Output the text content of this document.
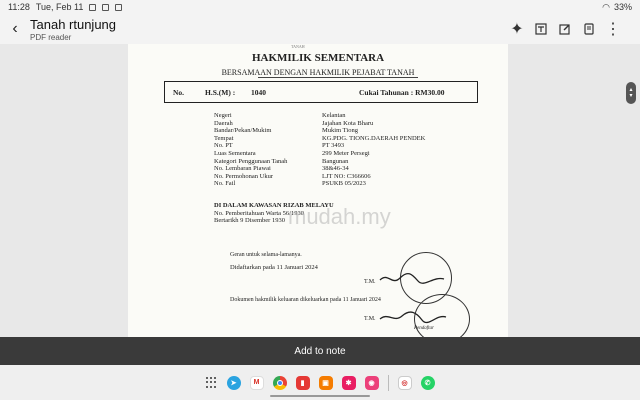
11:28 Tue, Feb 11	◠ 33%
‹ Tanah rtunjung
PDF reader	✦	⋮
TANAH
HAKMILIK SEMENTARA
BERSAMAAN DENGAN HAKMILIK PEJABAT TANAH
No.	H.S.(M) : 1040	Cukai Tahunan : RM30.00
Negeri	Kelantan
Daerah	Jajahan Kota Bharu
Bandar/Pekan/Mukim	Mukim Tiong
Tempat	KG.PDG. TIONG.DAERAH PENDEK
No. PT	PT 3493
Luas Sementara	299 Meter Persegi
Kategori Penggunaan Tanah	Bangunan
No. Lembaran Piawai	38&46-34
No. Permohonan Ukur	LJT NO: C366606
No. Fail	PSUKB 05/2023
DI DALAM KAWASAN RIZAB MELAYU
No. Pemberitahuan Warta 56/1930
Bertarikh 9 Disember 1930 mudah.my
Geran untuk selama-lamanya.
Didaftarkan pada 11 Januari 2024
T.M.
Dokumen hakmilik keluaran dikeluarkan pada 11 Januari 2024
T.M.
Pendaftar
▴
▾
Add to note
➤	M	▮	▣	✱	◉	◎	✆
